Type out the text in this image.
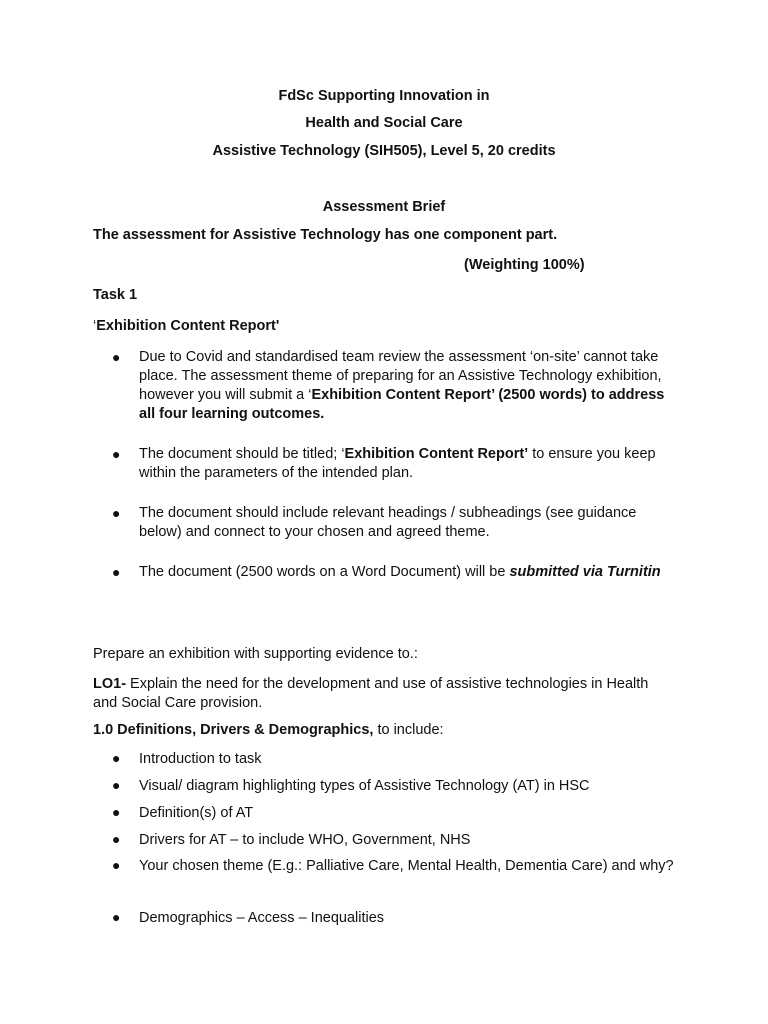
FdSc Supporting Innovation in

Health and Social Care

Assistive Technology (SIH505), Level 5, 20 credits

Assessment Brief

The assessment for Assistive Technology has one component part.

(Weighting 100%)

Task 1

‘Exhibition Content Report'

● Due to Covid and standardised team review the assessment ‘on-site’ cannot take place. The assessment theme of preparing for an Assistive Technology exhibition, however you will submit a ‘Exhibition Content Report’ (2500 words) to address all four learning outcomes.
● The document should be titled; ‘Exhibition Content Report’ to ensure you keep within the parameters of the intended plan.
● The document should include relevant headings / subheadings (see guidance below) and connect to your chosen and agreed theme.
● The document (2500 words on a Word Document) will be submitted via Turnitin

Prepare an exhibition with supporting evidence to.:

LO1- Explain the need for the development and use of assistive technologies in Health and Social Care provision.

1.0 Definitions, Drivers & Demographics, to include:

● Introduction to task
● Visual/ diagram highlighting types of Assistive Technology (AT) in HSC
● Definition(s) of AT
● Drivers for AT – to include WHO, Government, NHS
● Your chosen theme (E.g.: Palliative Care, Mental Health, Dementia Care) and why?
● Demographics – Access – Inequalities
